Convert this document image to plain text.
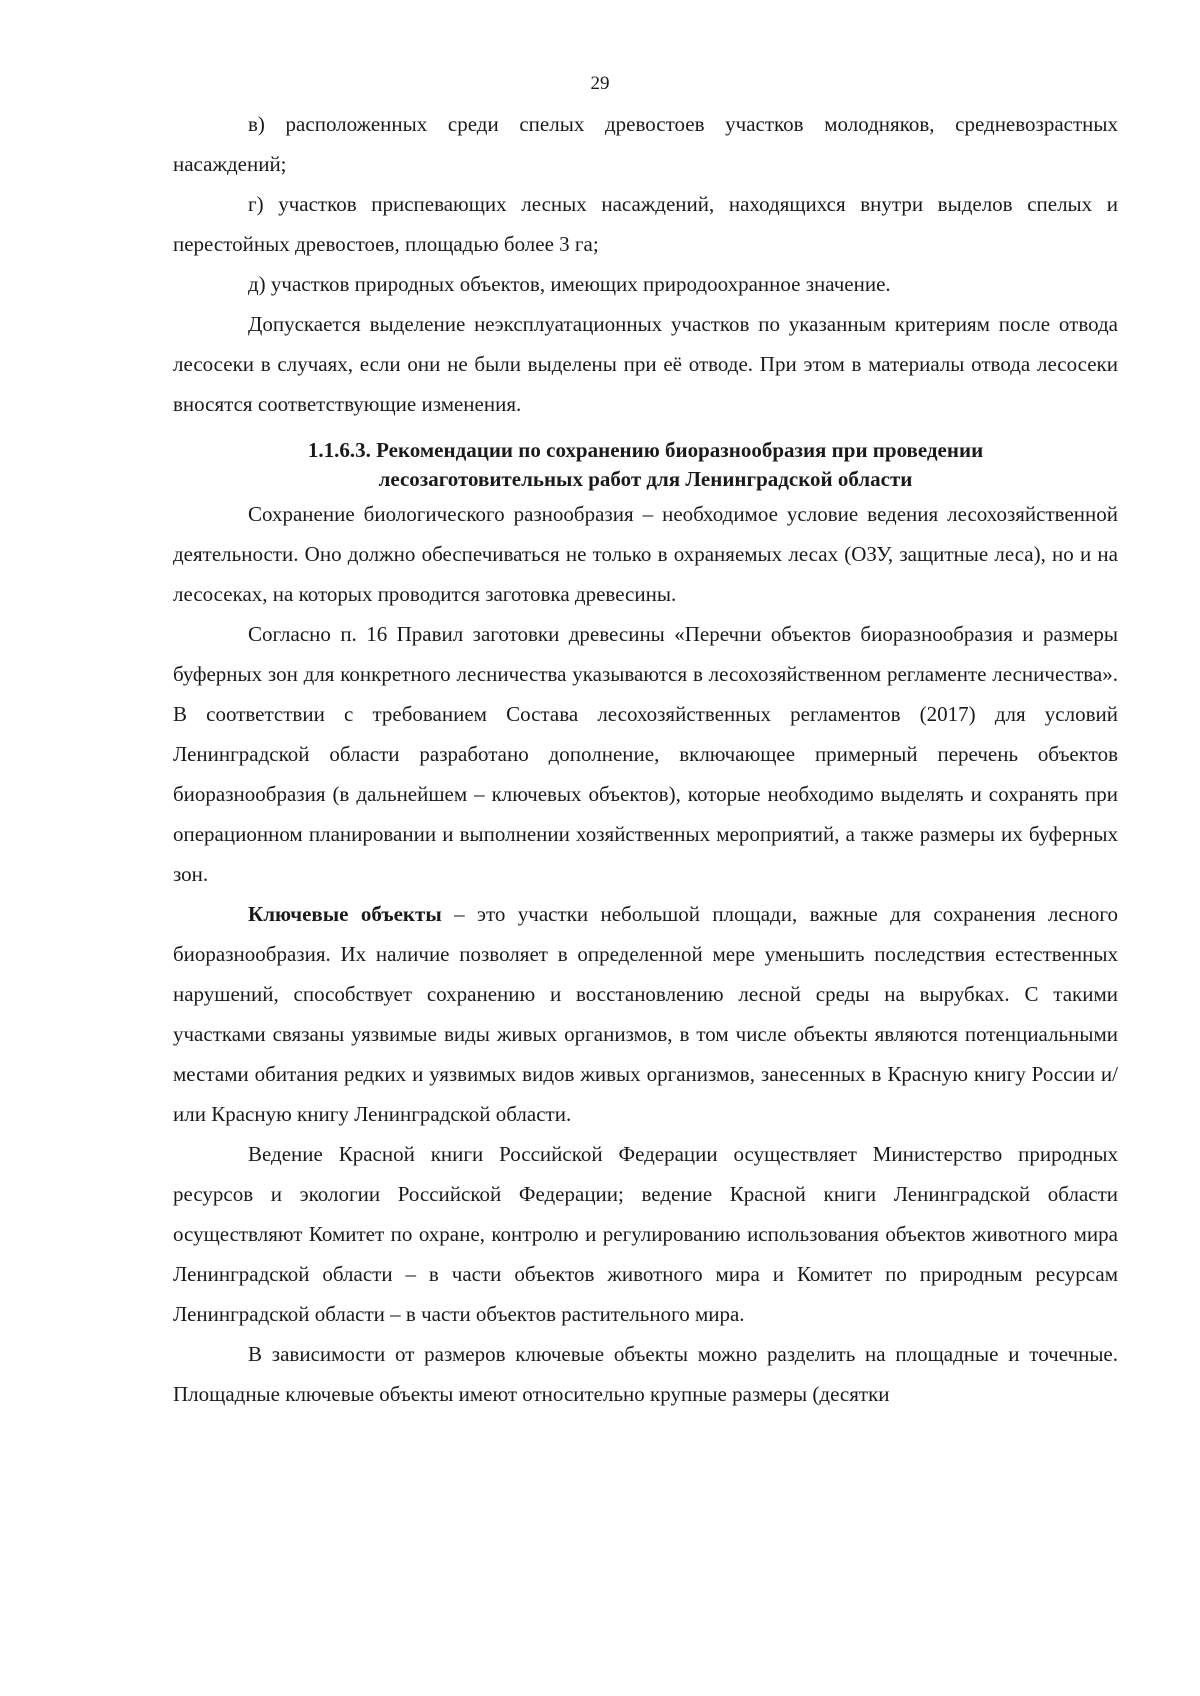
29

в) расположенных среди спелых древостоев участков молодняков, средневозрастных насаждений;

г) участков приспевающих лесных насаждений, находящихся внутри выделов спелых и перестойных древостоев, площадью более 3 га;

д) участков природных объектов, имеющих природоохранное значение.

Допускается выделение неэксплуатационных участков по указанным критериям после отвода лесосеки в случаях, если они не были выделены при её отводе. При этом в материалы отвода лесосеки вносятся соответствующие изменения.

1.1.6.3. Рекомендации по сохранению биоразнообразия при проведении
лесозаготовительных работ для Ленинградской области

Сохранение биологического разнообразия – необходимое условие ведения лесохозяйственной деятельности. Оно должно обеспечиваться не только в охраняемых лесах (ОЗУ, защитные леса), но и на лесосеках, на которых проводится заготовка древесины.

Согласно п. 16 Правил заготовки древесины «Перечни объектов биоразнообразия и размеры буферных зон для конкретного лесничества указываются в лесохозяйственном регламенте лесничества». В соответствии с требованием Состава лесохозяйственных регламентов (2017) для условий Ленинградской области разработано дополнение, включающее примерный перечень объектов биоразнообразия (в дальнейшем – ключевых объектов), которые необходимо выделять и сохранять при операционном планировании и выполнении хозяйственных мероприятий, а также размеры их буферных зон.

Ключевые объекты – это участки небольшой площади, важные для сохранения лесного биоразнообразия. Их наличие позволяет в определенной мере уменьшить последствия естественных нарушений, способствует сохранению и восстановлению лесной среды на вырубках. С такими участками связаны уязвимые виды живых организмов, в том числе объекты являются потенциальными местами обитания редких и уязвимых видов живых организмов, занесенных в Красную книгу России и/или Красную книгу Ленинградской области.

Ведение Красной книги Российской Федерации осуществляет Министерство природных ресурсов и экологии Российской Федерации; ведение Красной книги Ленинградской области осуществляют Комитет по охране, контролю и регулированию использования объектов животного мира Ленинградской области – в части объектов животного мира и Комитет по природным ресурсам Ленинградской области – в части объектов растительного мира.

В зависимости от размеров ключевые объекты можно разделить на площадные и точечные. Площадные ключевые объекты имеют относительно крупные размеры (десятки
